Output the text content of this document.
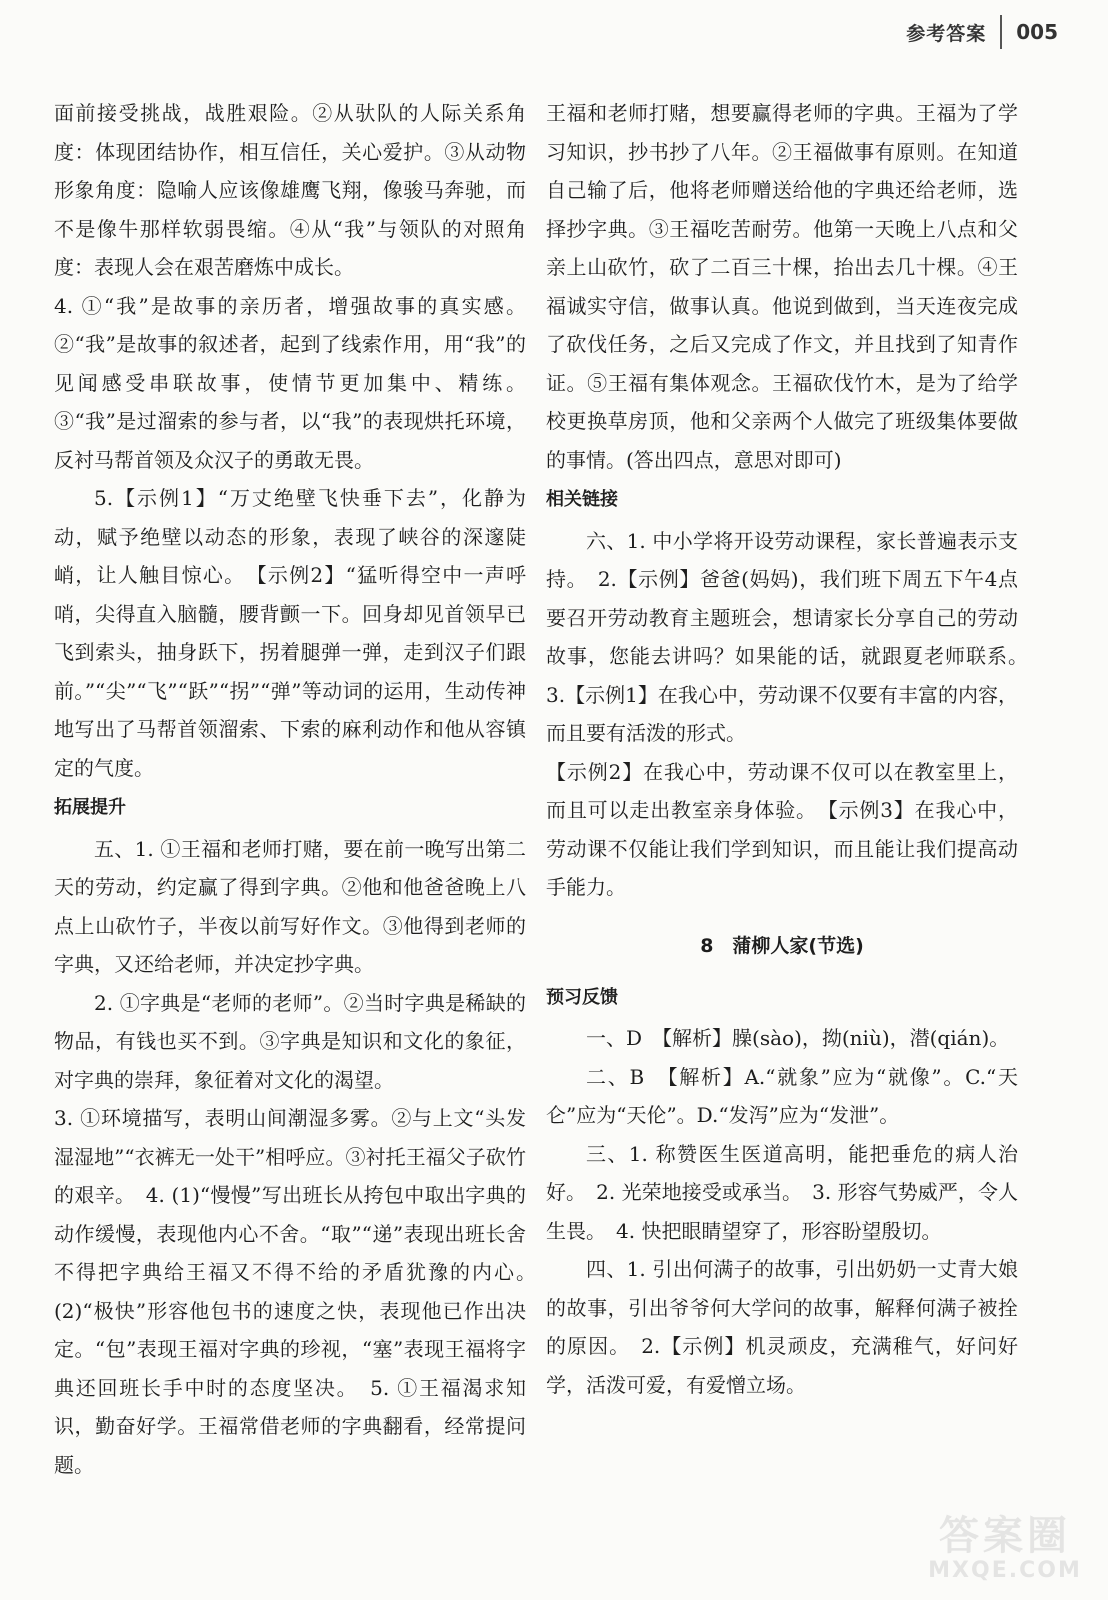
参考答案 005

面前接受挑战，战胜艰险。②从驮队的人际关系角度：体现团结协作，相互信任，关心爱护。③从动物形象角度：隐喻人应该像雄鹰飞翔，像骏马奔驰，而不是像牛那样软弱畏缩。④从“我”与领队的对照角度：表现人会在艰苦磨炼中成长。

4. ①“我”是故事的亲历者，增强故事的真实感。②“我”是故事的叙述者，起到了线索作用，用“我”的见闻感受串联故事，使情节更加集中、精练。③“我”是过溜索的参与者，以“我”的表现烘托环境，反衬马帮首领及众汉子的勇敢无畏。

5.【示例1】“万丈绝壁飞快垂下去”，化静为动，赋予绝壁以动态的形象，表现了峡谷的深邃陡峭，让人触目惊心。　【示例2】“猛听得空中一声呼哨，尖得直入脑髓，腰背颤一下。回身却见首领早已飞到索头，抽身跃下，拐着腿弹一弹，走到汉子们跟前。”“尖”“飞”“跃”“拐”“弹”等动词的运用，生动传神地写出了马帮首领溜索、下索的麻利动作和他从容镇定的气度。

拓展提升

五、1. ①王福和老师打赌，要在前一晚写出第二天的劳动，约定赢了得到字典。②他和他爸爸晚上八点上山砍竹子，半夜以前写好作文。③他得到老师的字典，又还给老师，并决定抄字典。

2. ①字典是“老师的老师”。②当时字典是稀缺的物品，有钱也买不到。③字典是知识和文化的象征，对字典的崇拜，象征着对文化的渴望。

3. ①环境描写，表明山间潮湿多雾。②与上文“头发湿湿地”“衣裤无一处干”相呼应。③衬托王福父子砍竹的艰辛。　4. (1)“慢慢”写出班长从挎包中取出字典的动作缓慢，表现他内心不舍。“取”“递”表现出班长舍不得把字典给王福又不得不给的矛盾犹豫的内心。　(2)“极快”形容他包书的速度之快，表现他已作出决定。“包”表现王福对字典的珍视，“塞”表现王福将字典还回班长手中时的态度坚决。　5. ①王福渴求知识，勤奋好学。王福常借老师的字典翻看，经常提问题。

王福和老师打赌，想要赢得老师的字典。王福为了学习知识，抄书抄了八年。②王福做事有原则。在知道自己输了后，他将老师赠送给他的字典还给老师，选择抄字典。③王福吃苦耐劳。他第一天晚上八点和父亲上山砍竹，砍了二百三十棵，抬出去几十棵。④王福诚实守信，做事认真。他说到做到，当天连夜完成了砍伐任务，之后又完成了作文，并且找到了知青作证。⑤王福有集体观念。王福砍伐竹木，是为了给学校更换草房顶，他和父亲两个人做完了班级集体要做的事情。(答出四点，意思对即可)

相关链接

六、1. 中小学将开设劳动课程，家长普遍表示支持。　2.【示例】爸爸(妈妈)，我们班下周五下午4点要召开劳动教育主题班会，想请家长分享自己的劳动故事，您能去讲吗？如果能的话，就跟夏老师联系。　3.【示例1】在我心中，劳动课不仅要有丰富的内容，而且要有活泼的形式。

【示例2】在我心中，劳动课不仅可以在教室里上，而且可以走出教室亲身体验。　【示例3】在我心中，劳动课不仅能让我们学到知识，而且能让我们提高动手能力。

8　蒲柳人家(节选)
预习反馈

一、D　【解析】臊(sào)，拗(niù)，潜(qián)。

二、B　【解析】A.“就象”应为“就像”。C.“天仑”应为“天伦”。D.“发泻”应为“发泄”。

三、1. 称赞医生医道高明，能把垂危的病人治好。　2. 光荣地接受或承当。　3. 形容气势威严，令人生畏。　4. 快把眼睛望穿了，形容盼望殷切。

四、1. 引出何满子的故事，引出奶奶一丈青大娘的故事，引出爷爷何大学问的故事，解释何满子被拴的原因。　2.【示例】机灵顽皮，充满稚气，好问好学，活泼可爱，有爱憎立场。

答案圈
MXQE.COM
